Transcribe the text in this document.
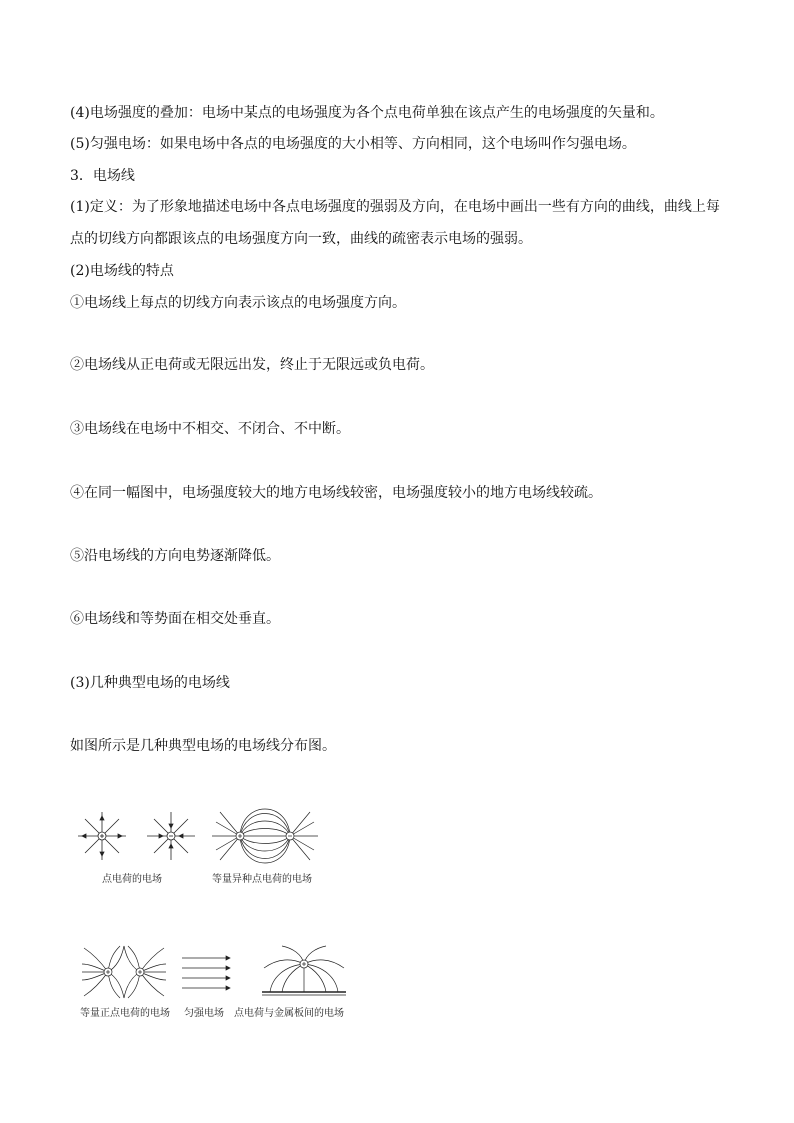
(4)电场强度的叠加：电场中某点的电场强度为各个点电荷单独在该点产生的电场强度的矢量和。

(5)匀强电场：如果电场中各点的电场强度的大小相等、方向相同，这个电场叫作匀强电场。

3．电场线

(1)定义：为了形象地描述电场中各点电场强度的强弱及方向，在电场中画出一些有方向的曲线，曲线上每

点的切线方向都跟该点的电场强度方向一致，曲线的疏密表示电场的强弱。

(2)电场线的特点

①电场线上每点的切线方向表示该点的电场强度方向。

②电场线从正电荷或无限远出发，终止于无限远或负电荷。

③电场线在电场中不相交、不闭合、不中断。

④在同一幅图中，电场强度较大的地方电场线较密，电场强度较小的地方电场线较疏。

⑤沿电场线的方向电势逐渐降低。

⑥电场线和等势面在相交处垂直。

(3)几种典型电场的电场线

如图所示是几种典型电场的电场线分布图。

点电荷的电场	等量异种点电荷的电场
等量正点电荷的电场 匀强电场 点电荷与金属板间的电场
